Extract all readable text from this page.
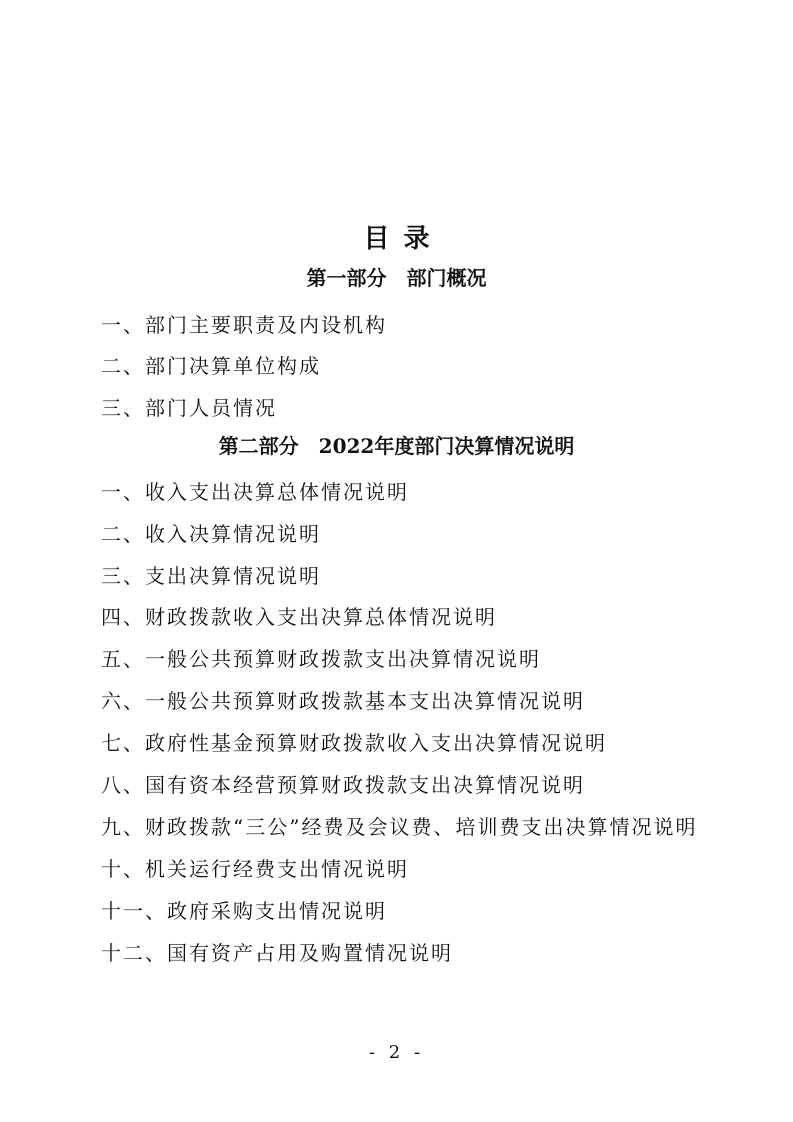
目录
第一部分　部门概况
一、部门主要职责及内设机构
二、部门决算单位构成
三、部门人员情况
第二部分　2022年度部门决算情况说明
一、收入支出决算总体情况说明
二、收入决算情况说明
三、支出决算情况说明
四、财政拨款收入支出决算总体情况说明
五、一般公共预算财政拨款支出决算情况说明
六、一般公共预算财政拨款基本支出决算情况说明
七、政府性基金预算财政拨款收入支出决算情况说明
八、国有资本经营预算财政拨款支出决算情况说明
九、财政拨款“三公”经费及会议费、培训费支出决算情况说明
十、机关运行经费支出情况说明
十一、政府采购支出情况说明
十二、国有资产占用及购置情况说明
- 2 -
